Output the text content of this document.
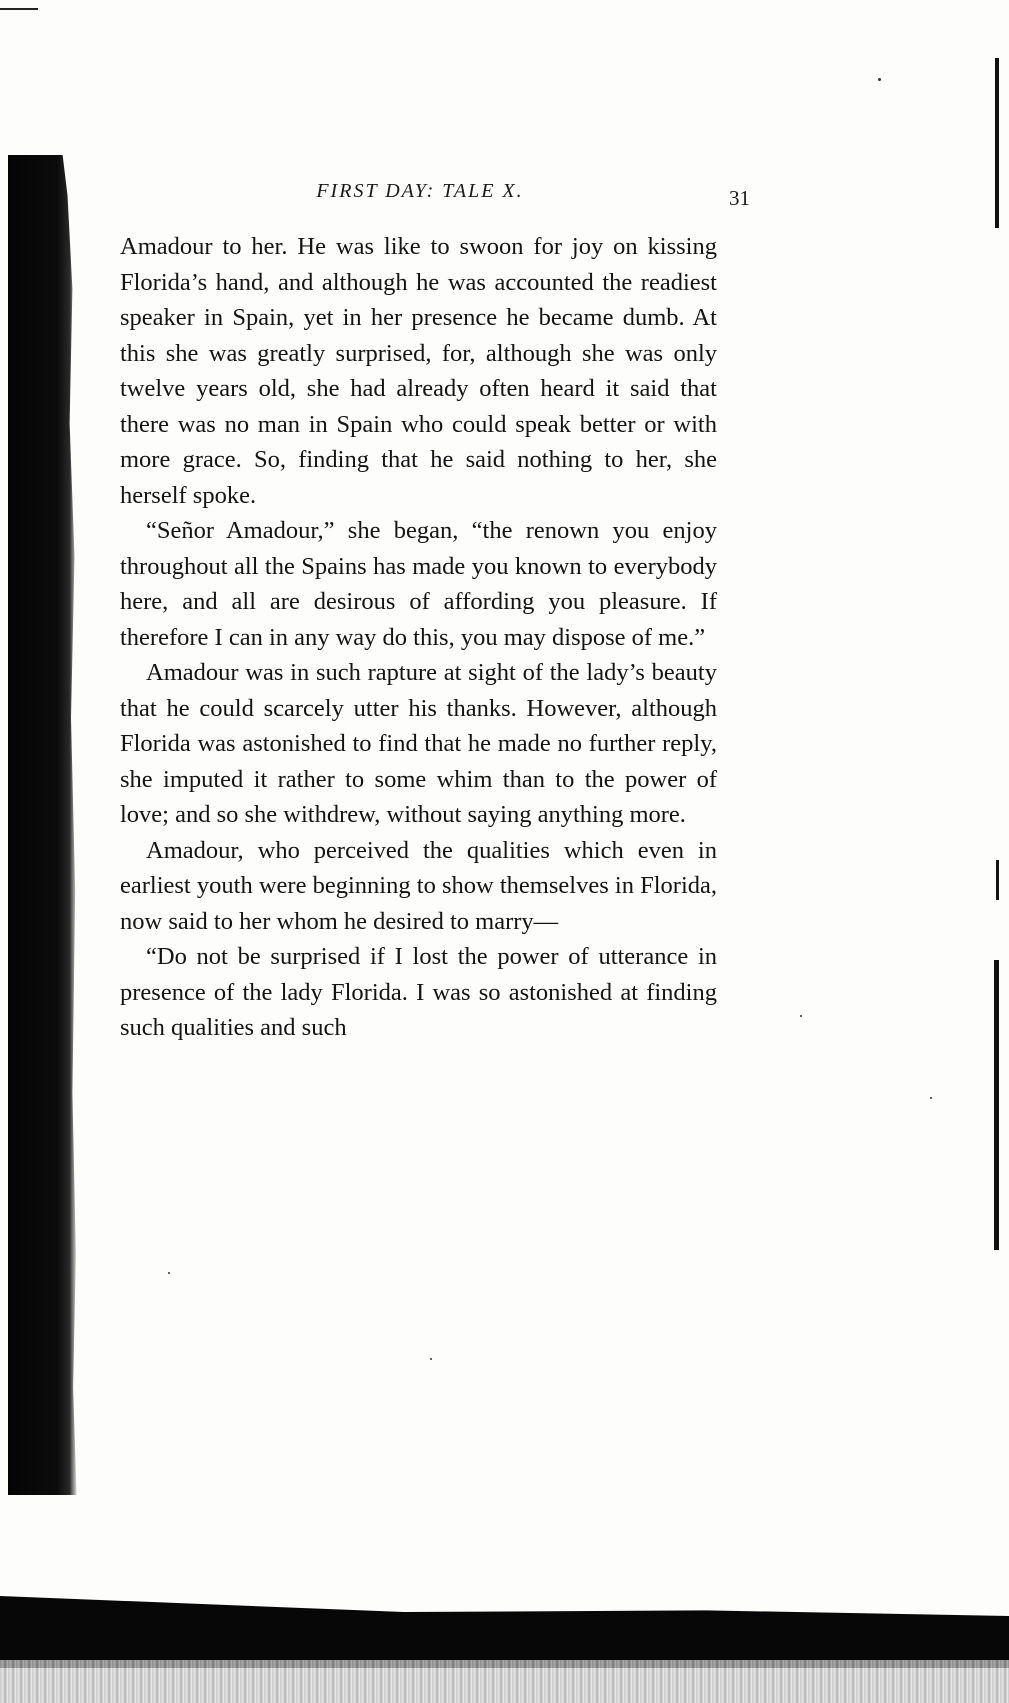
FIRST DAY: TALE X.	31

Amadour to her. He was like to swoon for joy on kissing Florida’s hand, and although he was accounted the readiest speaker in Spain, yet in her presence he became dumb. At this she was greatly surprised, for, although she was only twelve years old, she had already often heard it said that there was no man in Spain who could speak better or with more grace. So, finding that he said nothing to her, she herself spoke.

“Señor Amadour,” she began, “the renown you enjoy throughout all the Spains has made you known to everybody here, and all are desirous of affording you pleasure. If therefore I can in any way do this, you may dispose of me.”

Amadour was in such rapture at sight of the lady’s beauty that he could scarcely utter his thanks. However, although Florida was astonished to find that he made no further reply, she imputed it rather to some whim than to the power of love; and so she withdrew, without saying anything more.

Amadour, who perceived the qualities which even in earliest youth were beginning to show themselves in Florida, now said to her whom he desired to marry—

“Do not be surprised if I lost the power of utterance in presence of the lady Florida. I was so astonished at finding such qualities and such
